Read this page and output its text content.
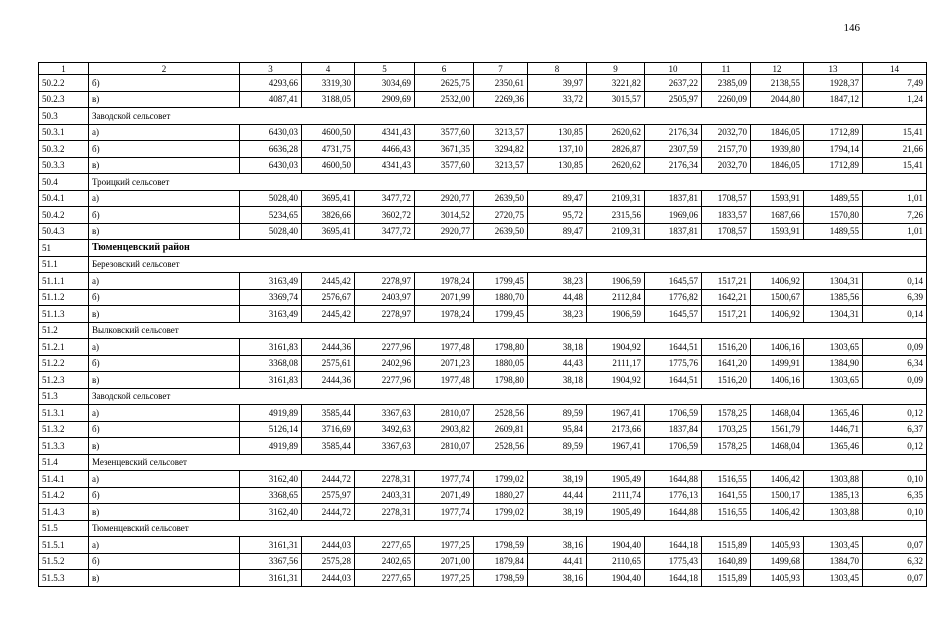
146
1	2	3	4	5	6	7	8	9	10	11	12	13	14
50.2.2	б)	4293,66	3319,30	3034,69	2625,75	2350,61	39,97	3221,82	2637,22	2385,09	2138,55	1928,37	7,49
50.2.3	в)	4087,41	3188,05	2909,69	2532,00	2269,36	33,72	3015,57	2505,97	2260,09	2044,80	1847,12	1,24
50.3	Заводской сельсовет												
50.3.1	а)	6430,03	4600,50	4341,43	3577,60	3213,57	130,85	2620,62	2176,34	2032,70	1846,05	1712,89	15,41
50.3.2	б)	6636,28	4731,75	4466,43	3671,35	3294,82	137,10	2826,87	2307,59	2157,70	1939,80	1794,14	21,66
50.3.3	в)	6430,03	4600,50	4341,43	3577,60	3213,57	130,85	2620,62	2176,34	2032,70	1846,05	1712,89	15,41
50.4	Троицкий сельсовет												
50.4.1	а)	5028,40	3695,41	3477,72	2920,77	2639,50	89,47	2109,31	1837,81	1708,57	1593,91	1489,55	1,01
50.4.2	б)	5234,65	3826,66	3602,72	3014,52	2720,75	95,72	2315,56	1969,06	1833,57	1687,66	1570,80	7,26
50.4.3	в)	5028,40	3695,41	3477,72	2920,77	2639,50	89,47	2109,31	1837,81	1708,57	1593,91	1489,55	1,01
51	Тюменцевский район												
51.1	Березовский сельсовет												
51.1.1	а)	3163,49	2445,42	2278,97	1978,24	1799,45	38,23	1906,59	1645,57	1517,21	1406,92	1304,31	0,14
51.1.2	б)	3369,74	2576,67	2403,97	2071,99	1880,70	44,48	2112,84	1776,82	1642,21	1500,67	1385,56	6,39
51.1.3	в)	3163,49	2445,42	2278,97	1978,24	1799,45	38,23	1906,59	1645,57	1517,21	1406,92	1304,31	0,14
51.2	Вылковский сельсовет												
51.2.1	а)	3161,83	2444,36	2277,96	1977,48	1798,80	38,18	1904,92	1644,51	1516,20	1406,16	1303,65	0,09
51.2.2	б)	3368,08	2575,61	2402,96	2071,23	1880,05	44,43	2111,17	1775,76	1641,20	1499,91	1384,90	6,34
51.2.3	в)	3161,83	2444,36	2277,96	1977,48	1798,80	38,18	1904,92	1644,51	1516,20	1406,16	1303,65	0,09
51.3	Заводской сельсовет												
51.3.1	а)	4919,89	3585,44	3367,63	2810,07	2528,56	89,59	1967,41	1706,59	1578,25	1468,04	1365,46	0,12
51.3.2	б)	5126,14	3716,69	3492,63	2903,82	2609,81	95,84	2173,66	1837,84	1703,25	1561,79	1446,71	6,37
51.3.3	в)	4919,89	3585,44	3367,63	2810,07	2528,56	89,59	1967,41	1706,59	1578,25	1468,04	1365,46	0,12
51.4	Мезенцевский сельсовет												
51.4.1	а)	3162,40	2444,72	2278,31	1977,74	1799,02	38,19	1905,49	1644,88	1516,55	1406,42	1303,88	0,10
51.4.2	б)	3368,65	2575,97	2403,31	2071,49	1880,27	44,44	2111,74	1776,13	1641,55	1500,17	1385,13	6,35
51.4.3	в)	3162,40	2444,72	2278,31	1977,74	1799,02	38,19	1905,49	1644,88	1516,55	1406,42	1303,88	0,10
51.5	Тюменцевский сельсовет												
51.5.1	а)	3161,31	2444,03	2277,65	1977,25	1798,59	38,16	1904,40	1644,18	1515,89	1405,93	1303,45	0,07
51.5.2	б)	3367,56	2575,28	2402,65	2071,00	1879,84	44,41	2110,65	1775,43	1640,89	1499,68	1384,70	6,32
51.5.3	в)	3161,31	2444,03	2277,65	1977,25	1798,59	38,16	1904,40	1644,18	1515,89	1405,93	1303,45	0,07
